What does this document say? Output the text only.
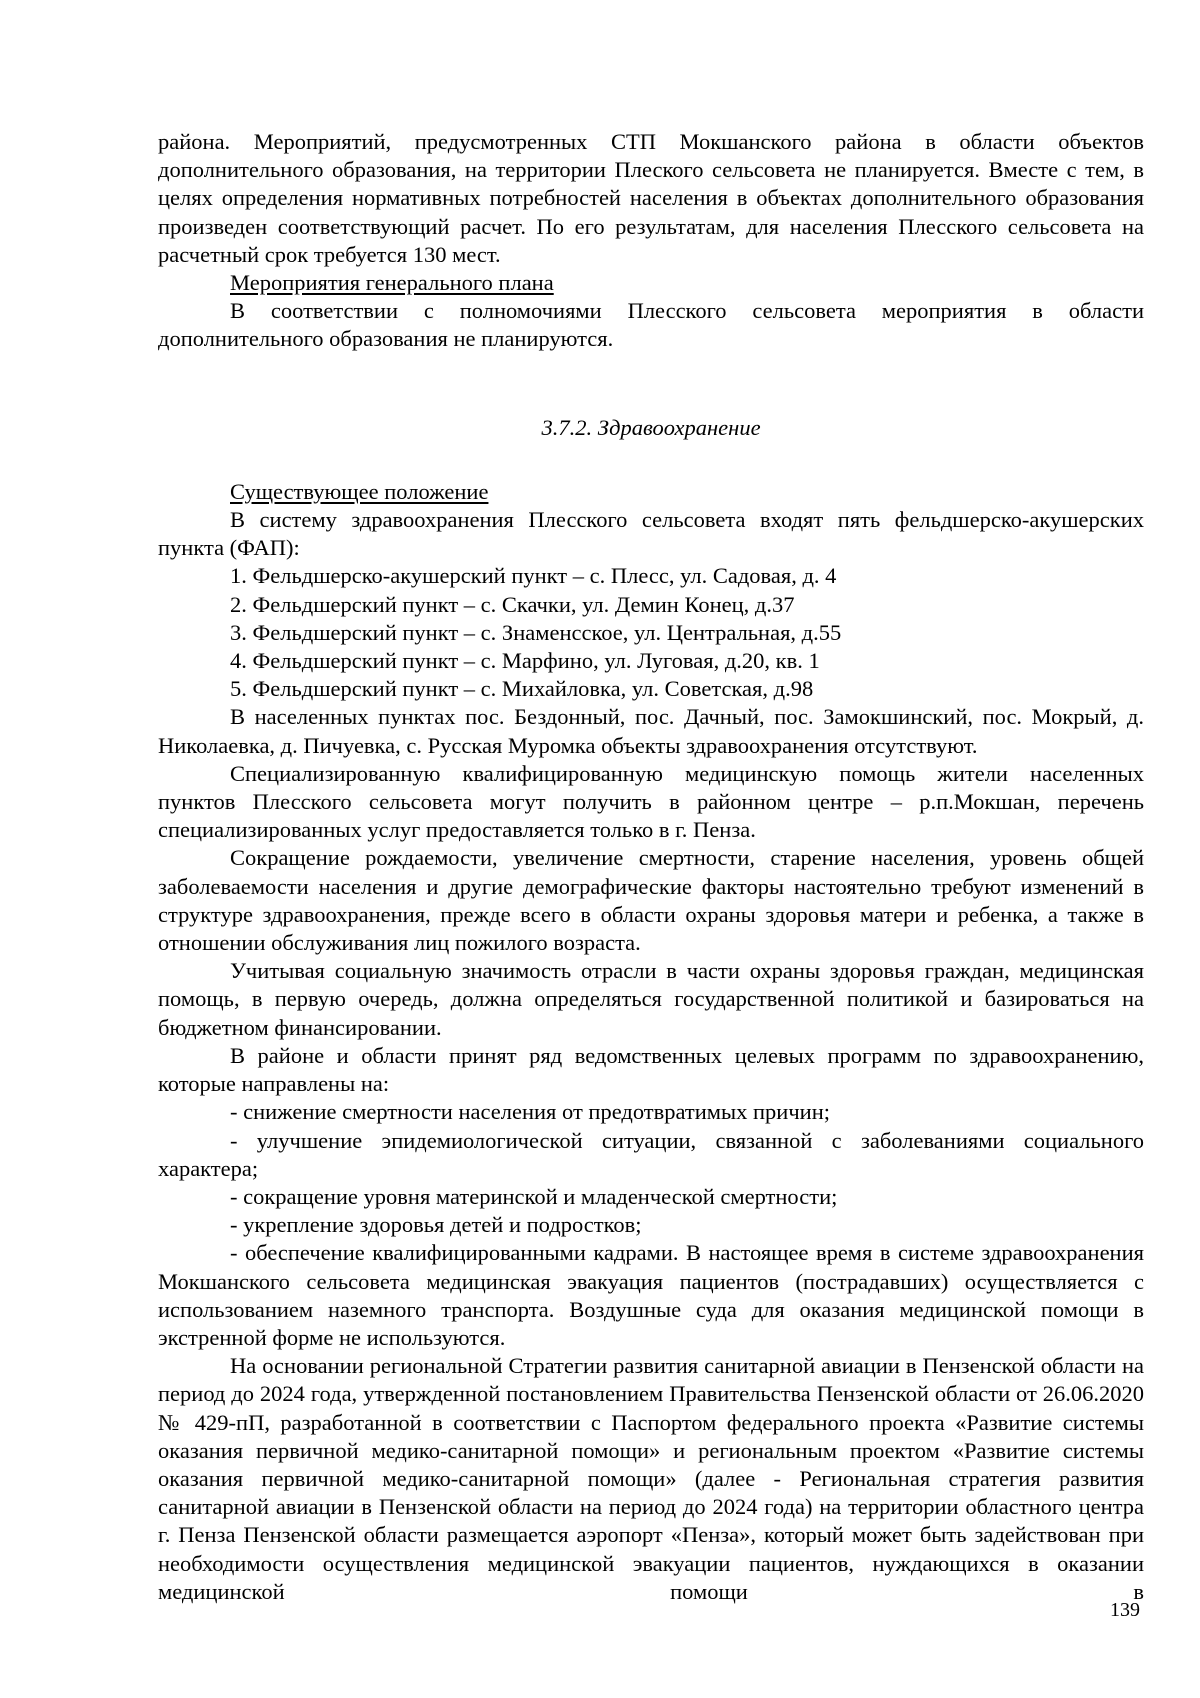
района. Мероприятий, предусмотренных СТП Мокшанского района в области объектов дополнительного образования, на территории Плеского сельсовета не планируется. Вместе с тем, в целях определения нормативных потребностей населения в объектах дополнительного образования произведен соответствующий расчет. По его результатам, для населения Плесского сельсовета на расчетный срок требуется 130 мест.

Мероприятия генерального плана

В соответствии с полномочиями Плесского сельсовета мероприятия в области дополнительного образования не планируются.

3.7.2. Здравоохранение

Существующее положение

В систему здравоохранения Плесского сельсовета входят пять фельдшерско-акушерских пункта (ФАП):

1. Фельдшерско-акушерский пункт – с. Плесс, ул. Садовая, д. 4

2. Фельдшерский пункт – с. Скачки, ул. Демин Конец, д.37

3. Фельдшерский пункт – с. Знаменсское, ул. Центральная, д.55

4. Фельдшерский пункт – с. Марфино, ул. Луговая, д.20, кв. 1

5. Фельдшерский пункт – с. Михайловка, ул. Советская, д.98

В населенных пунктах пос. Бездонный, пос. Дачный, пос. Замокшинский, пос. Мокрый, д. Николаевка, д. Пичуевка, с. Русская Муромка объекты здравоохранения отсутствуют.

Специализированную квалифицированную медицинскую помощь жители населенных пунктов Плесского сельсовета могут получить в районном центре – р.п.Мокшан, перечень специализированных услуг предоставляется только в г. Пенза.

Сокращение рождаемости, увеличение смертности, старение населения, уровень общей заболеваемости населения и другие демографические факторы настоятельно требуют изменений в структуре здравоохранения, прежде всего в области охраны здоровья матери и ребенка, а также в отношении обслуживания лиц пожилого возраста.

Учитывая социальную значимость отрасли в части охраны здоровья граждан, медицинская помощь, в первую очередь, должна определяться государственной политикой и базироваться на бюджетном финансировании.

В районе и области принят ряд ведомственных целевых программ по здравоохранению, которые направлены на:

- снижение смертности населения от предотвратимых причин;

- улучшение эпидемиологической ситуации, связанной с заболеваниями социального характера;

- сокращение уровня материнской и младенческой смертности;

- укрепление здоровья детей и подростков;

- обеспечение квалифицированными кадрами. В настоящее время в системе здравоохранения Мокшанского сельсовета медицинская эвакуация пациентов (пострадавших) осуществляется с использованием наземного транспорта. Воздушные суда для оказания медицинской помощи в экстренной форме не используются.

На основании региональной Стратегии развития санитарной авиации в Пензенской области на период до 2024 года, утвержденной постановлением Правительства Пензенской области от 26.06.2020 № 429-пП, разработанной в соответствии с Паспортом федерального проекта «Развитие системы оказания первичной медико-санитарной помощи» и региональным проектом «Развитие системы оказания первичной медико-санитарной помощи» (далее - Региональная стратегия развития санитарной авиации в Пензенской области на период до 2024 года) на территории областного центра г. Пенза Пензенской области размещается аэропорт «Пенза», который может быть задействован при необходимости осуществления медицинской эвакуации пациентов, нуждающихся в оказании медицинской помощи в

139
